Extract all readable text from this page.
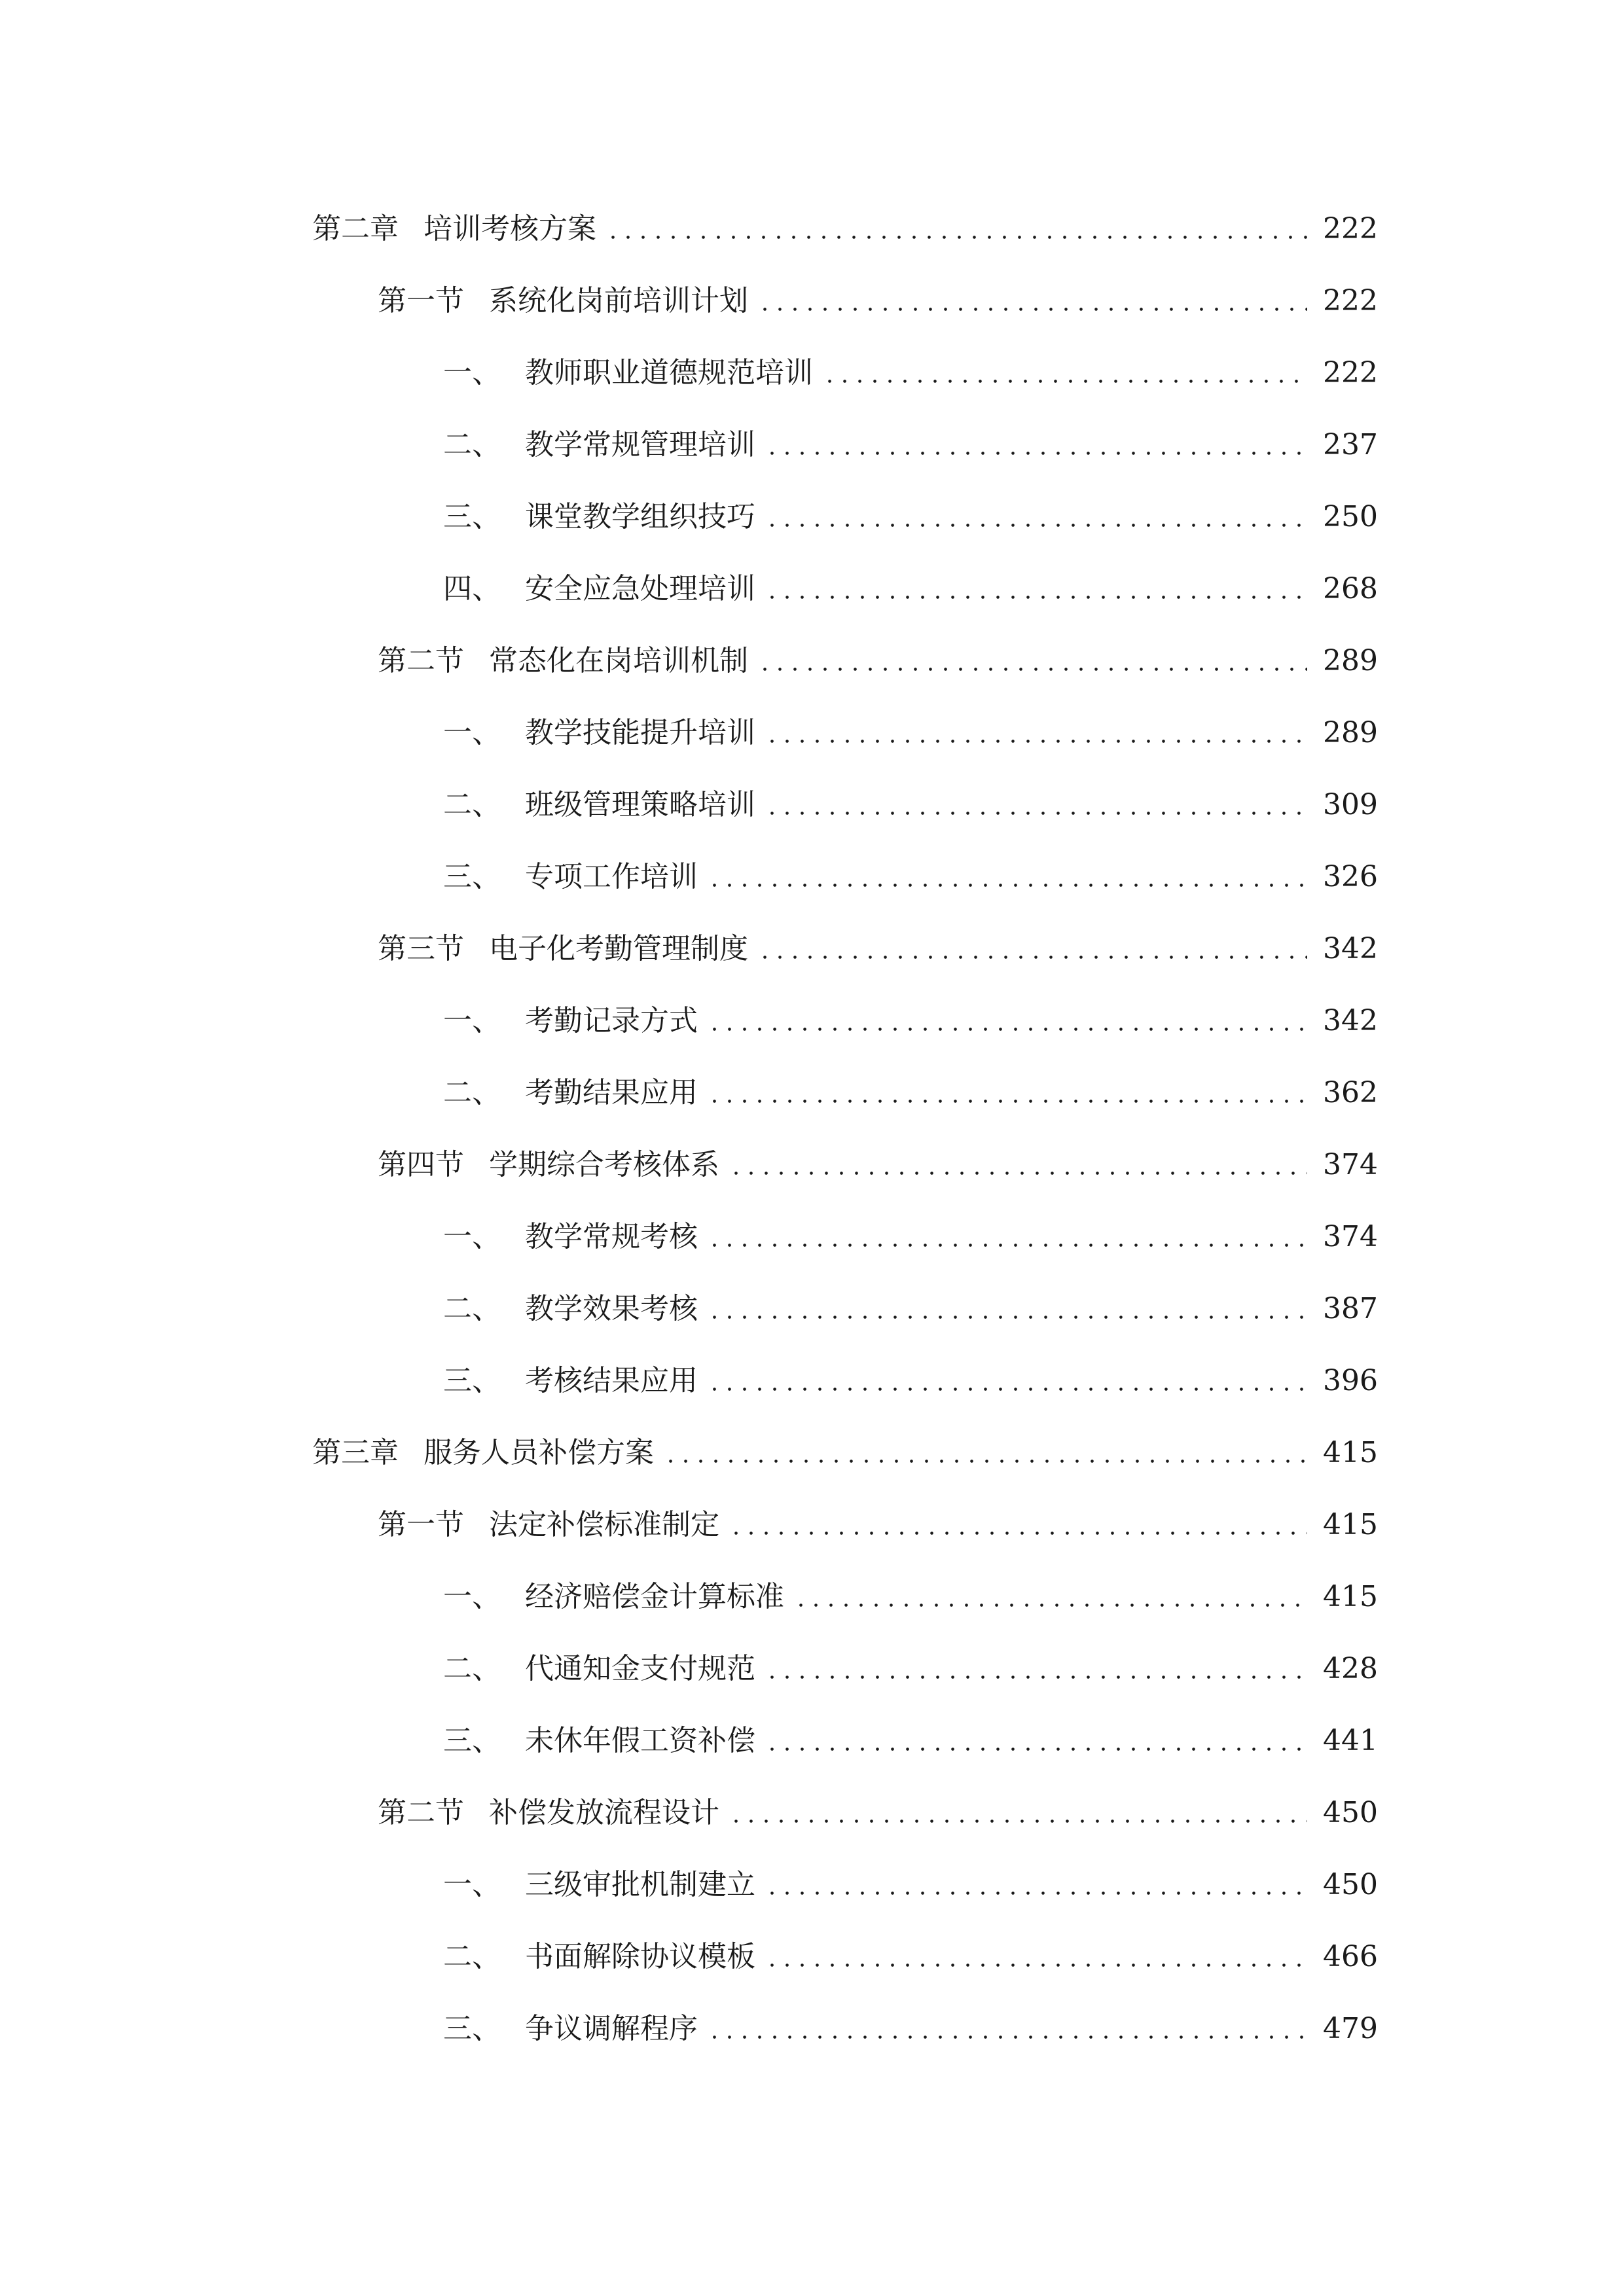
第二章 培训考核方案	222
第一节 系统化岗前培训计划	222
一、 教师职业道德规范培训	222
二、 教学常规管理培训	237
三、 课堂教学组织技巧	250
四、 安全应急处理培训	268
第二节 常态化在岗培训机制	289
一、 教学技能提升培训	289
二、 班级管理策略培训	309
三、 专项工作培训	326
第三节 电子化考勤管理制度	342
一、 考勤记录方式	342
二、 考勤结果应用	362
第四节 学期综合考核体系	374
一、 教学常规考核	374
二、 教学效果考核	387
三、 考核结果应用	396
第三章 服务人员补偿方案	415
第一节 法定补偿标准制定	415
一、 经济赔偿金计算标准	415
二、 代通知金支付规范	428
三、 未休年假工资补偿	441
第二节 补偿发放流程设计	450
一、 三级审批机制建立	450
二、 书面解除协议模板	466
三、 争议调解程序	479
